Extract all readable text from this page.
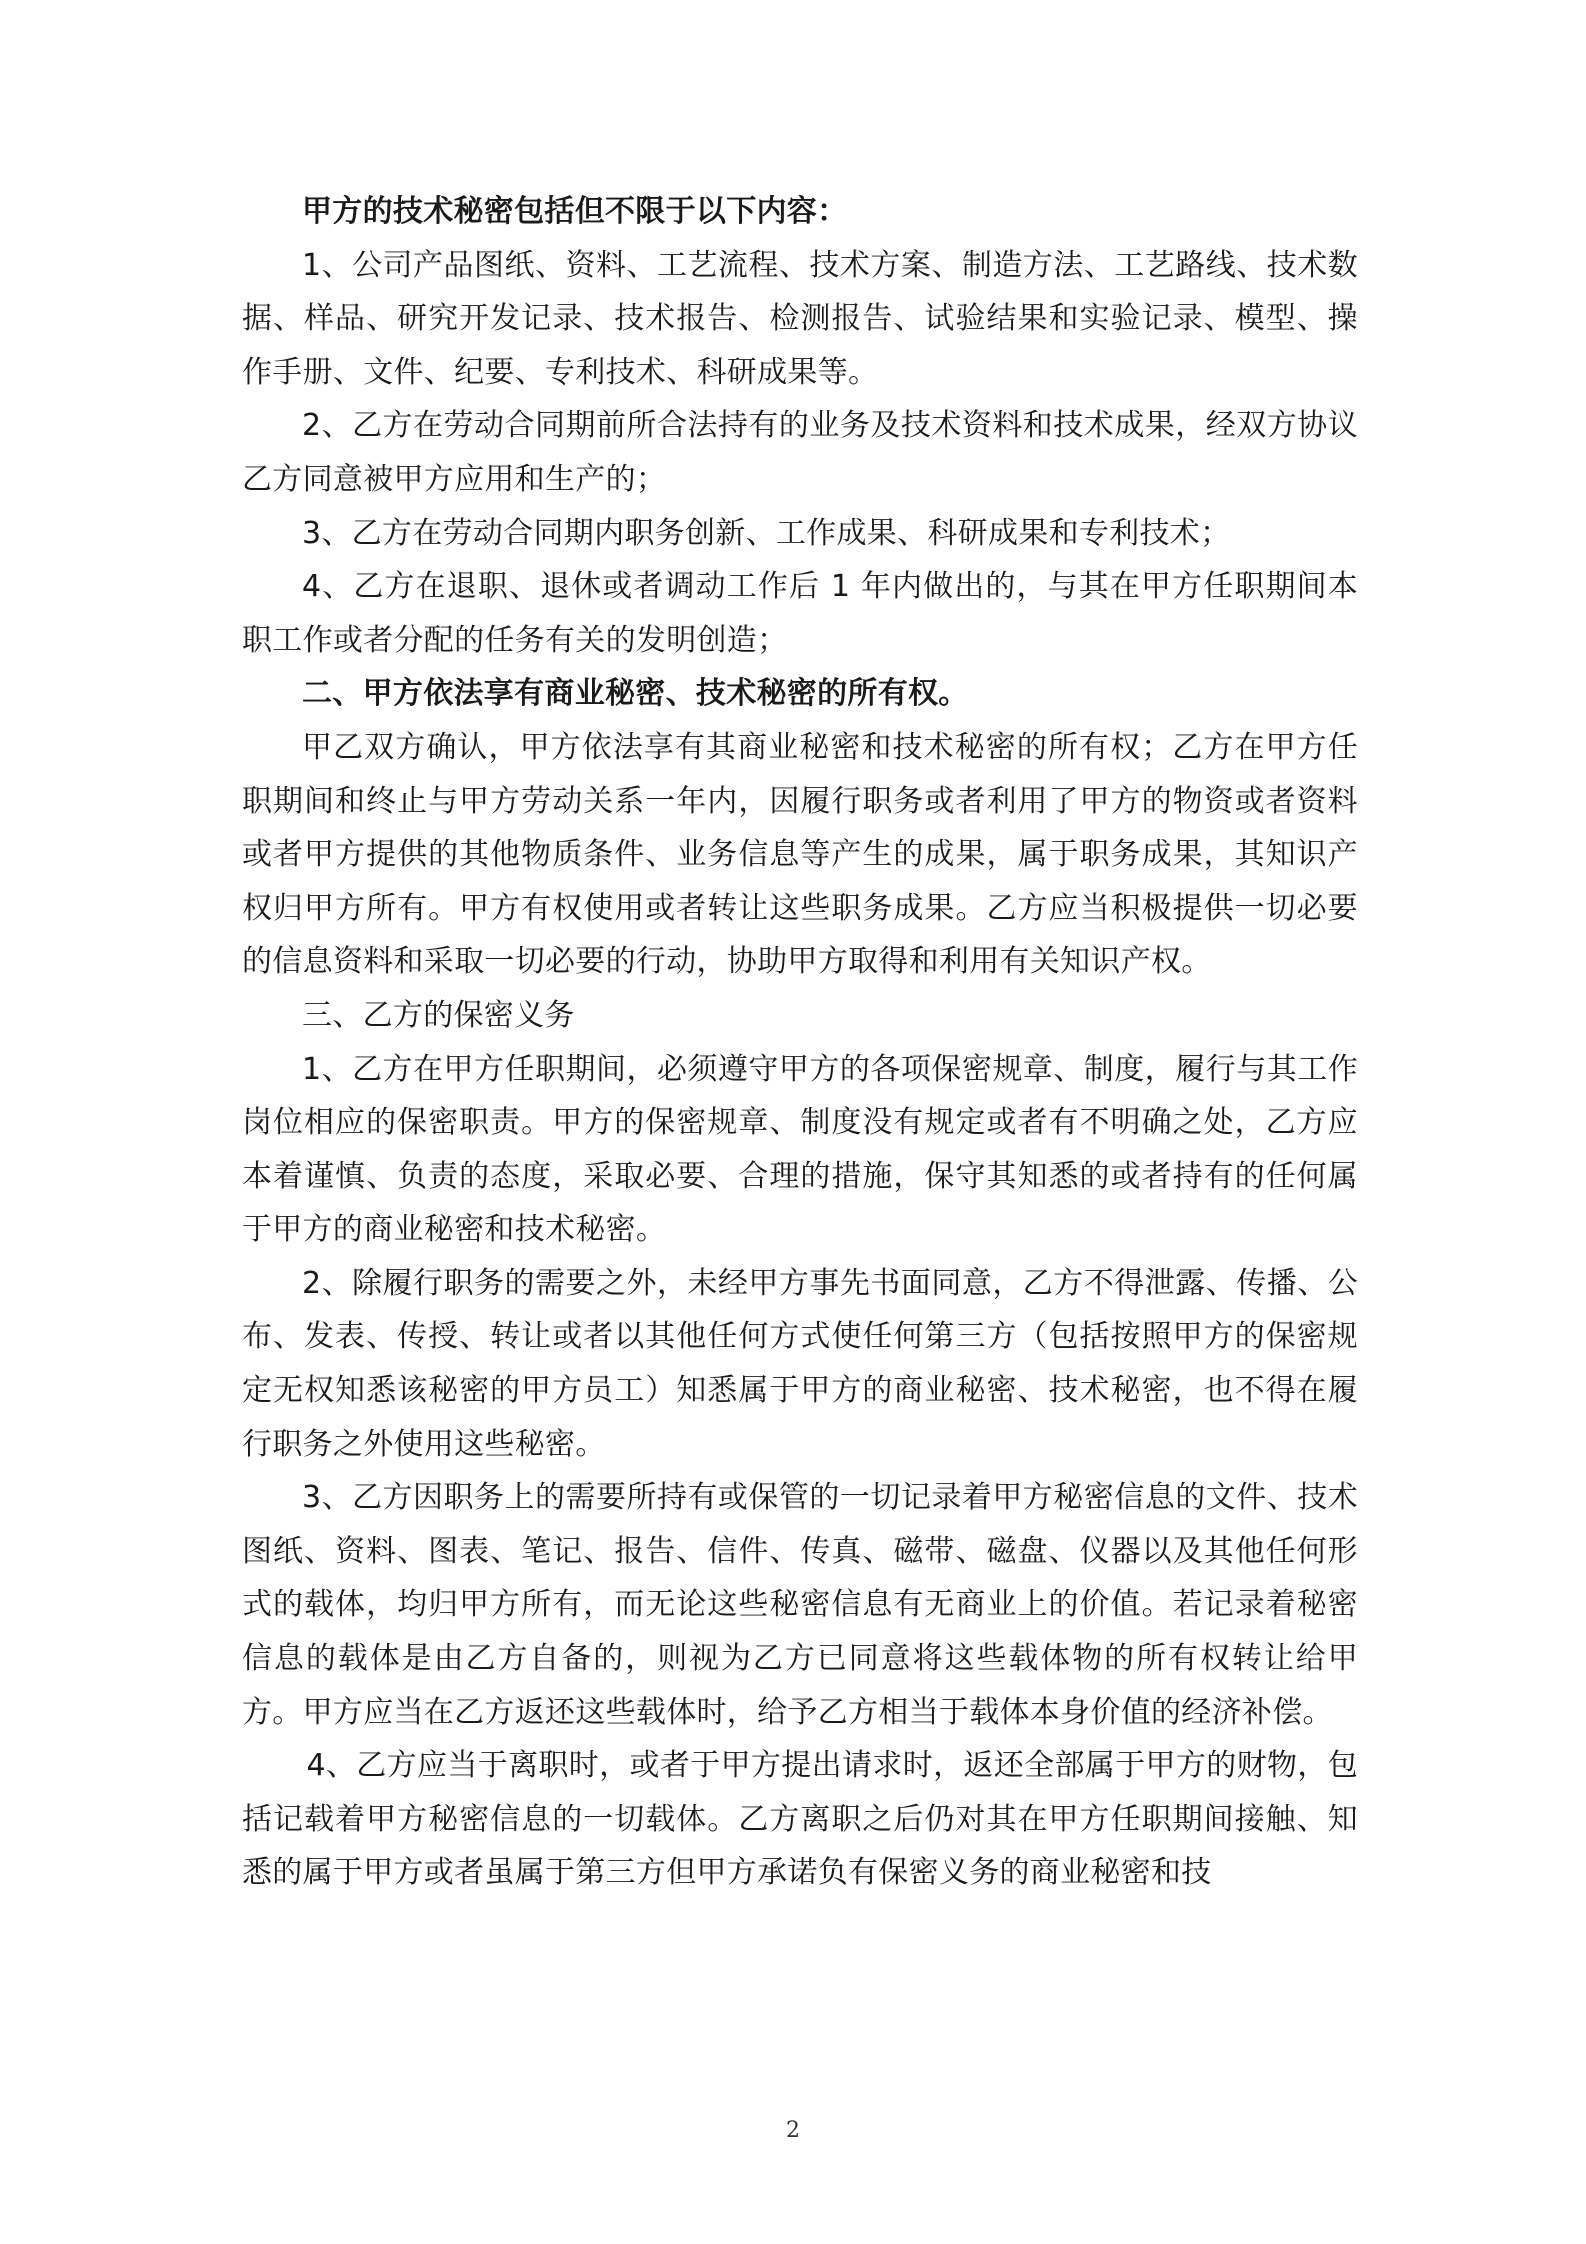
甲方的技术秘密包括但不限于以下内容：

1、公司产品图纸、资料、工艺流程、技术方案、制造方法、工艺路线、技术数据、样品、研究开发记录、技术报告、检测报告、试验结果和实验记录、模型、操作手册、文件、纪要、专利技术、科研成果等。

2、乙方在劳动合同期前所合法持有的业务及技术资料和技术成果，经双方协议乙方同意被甲方应用和生产的；

3、乙方在劳动合同期内职务创新、工作成果、科研成果和专利技术；

4、乙方在退职、退休或者调动工作后 1 年内做出的，与其在甲方任职期间本职工作或者分配的任务有关的发明创造；

二、甲方依法享有商业秘密、技术秘密的所有权。

甲乙双方确认，甲方依法享有其商业秘密和技术秘密的所有权；乙方在甲方任职期间和终止与甲方劳动关系一年内，因履行职务或者利用了甲方的物资或者资料或者甲方提供的其他物质条件、业务信息等产生的成果，属于职务成果，其知识产权归甲方所有。甲方有权使用或者转让这些职务成果。乙方应当积极提供一切必要的信息资料和采取一切必要的行动，协助甲方取得和利用有关知识产权。

三、乙方的保密义务

1、乙方在甲方任职期间，必须遵守甲方的各项保密规章、制度，履行与其工作岗位相应的保密职责。甲方的保密规章、制度没有规定或者有不明确之处，乙方应本着谨慎、负责的态度，采取必要、合理的措施，保守其知悉的或者持有的任何属于甲方的商业秘密和技术秘密。

2、除履行职务的需要之外，未经甲方事先书面同意，乙方不得泄露、传播、公布、发表、传授、转让或者以其他任何方式使任何第三方（包括按照甲方的保密规定无权知悉该秘密的甲方员工）知悉属于甲方的商业秘密、技术秘密，也不得在履行职务之外使用这些秘密。

3、乙方因职务上的需要所持有或保管的一切记录着甲方秘密信息的文件、技术图纸、资料、图表、笔记、报告、信件、传真、磁带、磁盘、仪器以及其他任何形式的载体，均归甲方所有，而无论这些秘密信息有无商业上的价值。若记录着秘密信息的载体是由乙方自备的，则视为乙方已同意将这些载体物的所有权转让给甲方。甲方应当在乙方返还这些载体时，给予乙方相当于载体本身价值的经济补偿。

4、乙方应当于离职时，或者于甲方提出请求时，返还全部属于甲方的财物，包括记载着甲方秘密信息的一切载体。乙方离职之后仍对其在甲方任职期间接触、知悉的属于甲方或者虽属于第三方但甲方承诺负有保密义务的商业秘密和技

2
